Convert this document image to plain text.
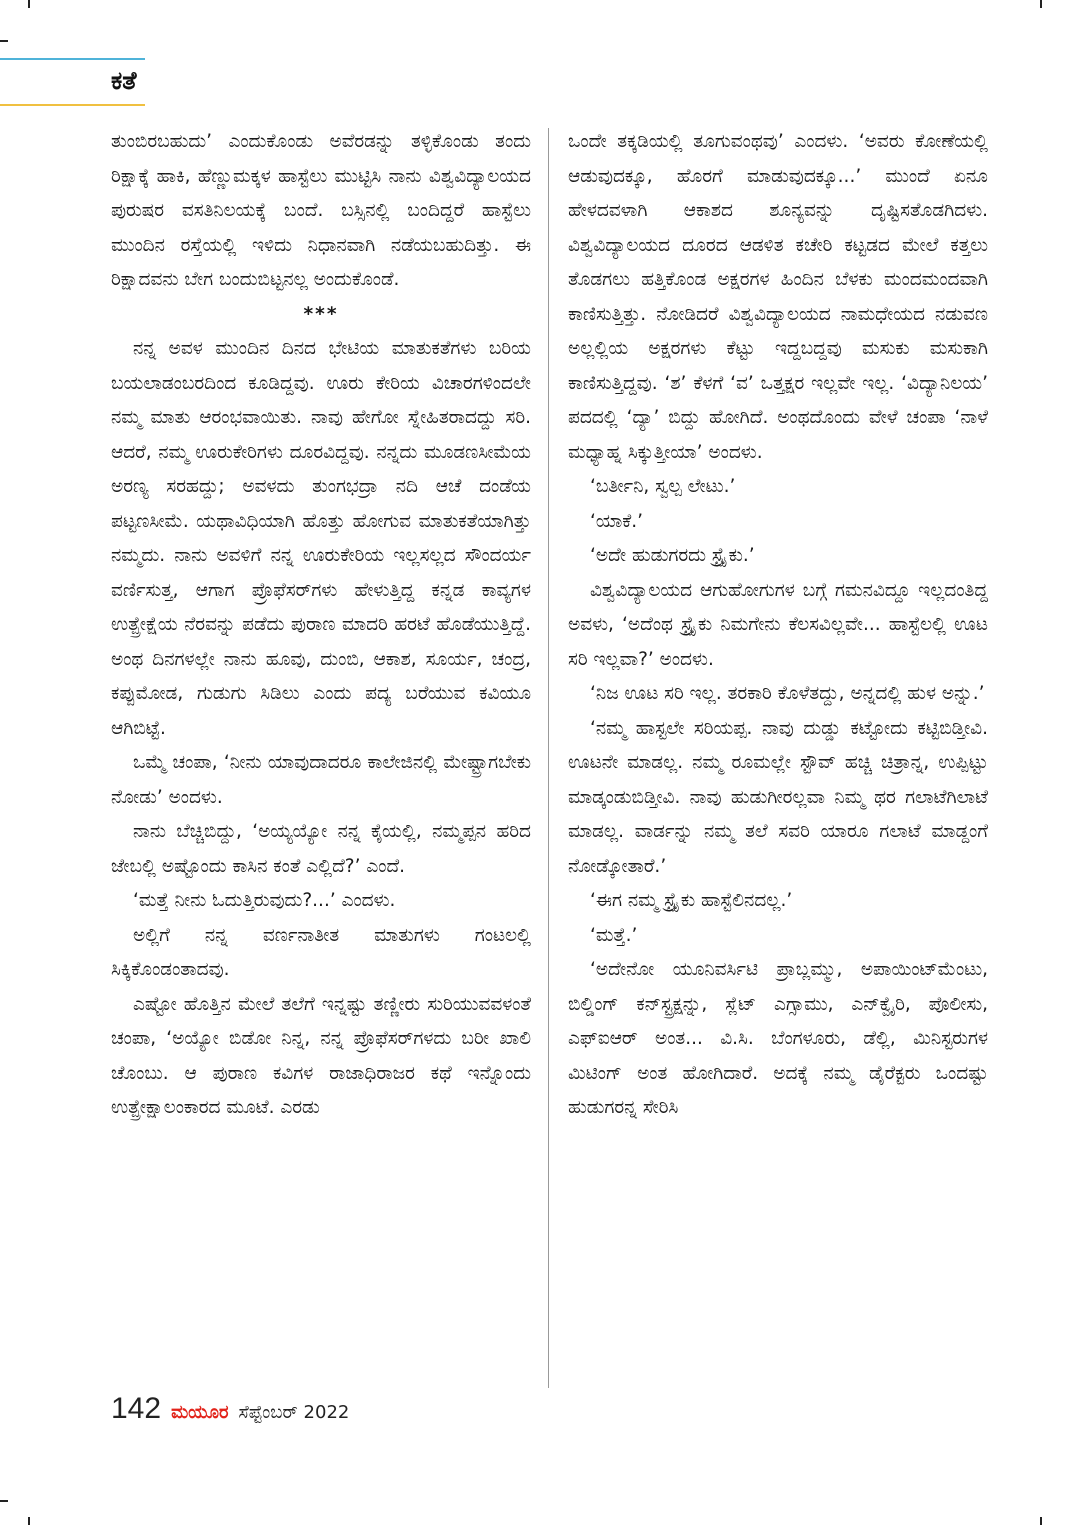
ಕತೆ

ತುಂಬಿರಬಹುದು’ ಎಂದುಕೊಂಡು ಅವೆರಡನ್ನು ತಳ್ಳಿಕೊಂಡು ತಂದು ರಿಕ್ಷಾಕ್ಕೆ ಹಾಕಿ, ಹೆಣ್ಣುಮಕ್ಕಳ ಹಾಸ್ಟೆಲು ಮುಟ್ಟಿಸಿ ನಾನು ವಿಶ್ವವಿದ್ಯಾಲಯದ ಪುರುಷರ ವಸತಿನಿಲಯಕ್ಕೆ ಬಂದೆ. ಬಸ್ಸಿನಲ್ಲಿ ಬಂದಿದ್ದರೆ ಹಾಸ್ಟೆಲು ಮುಂದಿನ ರಸ್ತೆಯಲ್ಲಿ ಇಳಿದು ನಿಧಾನವಾಗಿ ನಡೆಯಬಹುದಿತ್ತು. ಈ ರಿಕ್ಷಾದವನು ಬೇಗ ಬಂದುಬಿಟ್ಟನಲ್ಲ ಅಂದುಕೊಂಡೆ.

***

ನನ್ನ ಅವಳ ಮುಂದಿನ ದಿನದ ಭೇಟಿಯ ಮಾತುಕತೆಗಳು ಬರಿಯ ಬಯಲಾಡಂಬರದಿಂದ ಕೂಡಿದ್ದವು. ಊರು ಕೇರಿಯ ವಿಚಾರಗಳಿಂದಲೇ ನಮ್ಮ ಮಾತು ಆರಂಭವಾಯಿತು. ನಾವು ಹೇಗೋ ಸ್ನೇಹಿತರಾದದ್ದು ಸರಿ. ಆದರೆ, ನಮ್ಮ ಊರುಕೇರಿಗಳು ದೂರವಿದ್ದವು. ನನ್ನದು ಮೂಡಣಸೀಮೆಯ ಅರಣ್ಯ ಸರಹದ್ದು; ಅವಳದು ತುಂಗಭದ್ರಾ ನದಿ ಆಚೆ ದಂಡೆಯ ಪಟ್ಟಣಸೀಮೆ. ಯಥಾವಿಧಿಯಾಗಿ ಹೊತ್ತು ಹೋಗುವ ಮಾತುಕತೆಯಾಗಿತ್ತು ನಮ್ಮದು. ನಾನು ಅವಳಿಗೆ ನನ್ನ ಊರುಕೇರಿಯ ಇಲ್ಲಸಲ್ಲದ ಸೌಂದರ್ಯ ವರ್ಣಿಸುತ್ತ, ಆಗಾಗ ಪ್ರೊಫೆಸರ್‌ಗಳು ಹೇಳುತ್ತಿದ್ದ ಕನ್ನಡ ಕಾವ್ಯಗಳ ಉತ್ಪ್ರೇಕ್ಷೆಯ ನೆರವನ್ನು ಪಡೆದು ಪುರಾಣ ಮಾದರಿ ಹರಟೆ ಹೊಡೆಯುತ್ತಿದ್ದೆ. ಅಂಥ ದಿನಗಳಲ್ಲೇ ನಾನು ಹೂವು, ದುಂಬಿ, ಆಕಾಶ, ಸೂರ್ಯ, ಚಂದ್ರ, ಕಪ್ಪುಮೋಡ, ಗುಡುಗು ಸಿಡಿಲು ಎಂದು ಪದ್ಯ ಬರೆಯುವ ಕವಿಯೂ ಆಗಿಬಿಟ್ಟೆ.

ಒಮ್ಮೆ ಚಂಪಾ, ‘ನೀನು ಯಾವುದಾದರೂ ಕಾಲೇಜಿನಲ್ಲಿ ಮೇಷ್ಟ್ರಾಗಬೇಕು ನೋಡು’ ಅಂದಳು.

ನಾನು ಬೆಚ್ಚಿಬಿದ್ದು, ‘ಅಯ್ಯಯ್ಯೋ ನನ್ನ ಕೈಯಲ್ಲಿ, ನಮ್ಮಪ್ಪನ ಹರಿದ ಜೇಬಲ್ಲಿ ಅಷ್ಟೊಂದು ಕಾಸಿನ ಕಂತೆ ಎಲ್ಲಿದೆ?’ ಎಂದೆ.

‘ಮತ್ತೆ ನೀನು ಓದುತ್ತಿರುವುದು?...’ ಎಂದಳು.

ಅಲ್ಲಿಗೆ ನನ್ನ ವರ್ಣನಾತೀತ ಮಾತುಗಳು ಗಂಟಲಲ್ಲಿ ಸಿಕ್ಕಿಕೊಂಡಂತಾದವು.

ಎಷ್ಟೋ ಹೊತ್ತಿನ ಮೇಲೆ ತಲೆಗೆ ಇನ್ನಷ್ಟು ತಣ್ಣೀರು ಸುರಿಯುವವಳಂತೆ ಚಂಪಾ, ‘ಅಯ್ಯೋ ಬಿಡೋ ನಿನ್ನ, ನನ್ನ ಪ್ರೊಫೆಸರ್‌ಗಳದು ಬರೀ ಖಾಲಿ ಚೊಂಬು. ಆ ಪುರಾಣ ಕವಿಗಳ ರಾಜಾಧಿರಾಜರ ಕಥೆ ಇನ್ನೊಂದು ಉತ್ಪ್ರೇಕ್ಷಾಲಂಕಾರದ ಮೂಟೆ. ಎರಡು

ಒಂದೇ ತಕ್ಕಡಿಯಲ್ಲಿ ತೂಗುವಂಥವು’ ಎಂದಳು. ‘ಅವರು ಕೋಣೆಯಲ್ಲಿ ಆಡುವುದಕ್ಕೂ, ಹೊರಗೆ ಮಾಡುವುದಕ್ಕೂ...’ ಮುಂದೆ ಏನೂ ಹೇಳದವಳಾಗಿ ಆಕಾಶದ ಶೂನ್ಯವನ್ನು ದೃಷ್ಟಿಸತೊಡಗಿದಳು. ವಿಶ್ವವಿದ್ಯಾಲಯದ ದೂರದ ಆಡಳಿತ ಕಚೇರಿ ಕಟ್ಟಡದ ಮೇಲೆ ಕತ್ತಲು ತೊಡಗಲು ಹತ್ತಿಕೊಂಡ ಅಕ್ಷರಗಳ ಹಿಂದಿನ ಬೆಳಕು ಮಂದಮಂದವಾಗಿ ಕಾಣಿಸುತ್ತಿತ್ತು. ನೋಡಿದರೆ ವಿಶ್ವವಿದ್ಯಾಲಯದ ನಾಮಧೇಯದ ನಡುವಣ ಅಲ್ಲಲ್ಲಿಯ ಅಕ್ಷರಗಳು ಕೆಟ್ಟು ಇದ್ದಬದ್ದವು ಮಸುಕು ಮಸುಕಾಗಿ ಕಾಣಿಸುತ್ತಿದ್ದವು. ‘ಶ’ ಕೆಳಗೆ ‘ವ’ ಒತ್ತಕ್ಷರ ಇಲ್ಲವೇ ಇಲ್ಲ. ‘ವಿದ್ಯಾನಿಲಯ’ ಪದದಲ್ಲಿ ‘ದ್ಯಾ’ ಬಿದ್ದು ಹೋಗಿದೆ. ಅಂಥದೊಂದು ವೇಳೆ ಚಂಪಾ ‘ನಾಳೆ ಮಧ್ಯಾಹ್ನ ಸಿಕ್ಕುತ್ತೀಯಾ’ ಅಂದಳು.

‘ಬರ್ತೀನಿ, ಸ್ವಲ್ಪ ಲೇಟು.’

‘ಯಾಕೆ.’

‘ಅದೇ ಹುಡುಗರದು ಸ್ಟ್ರೈಕು.’

ವಿಶ್ವವಿದ್ಯಾಲಯದ ಆಗುಹೋಗುಗಳ ಬಗ್ಗೆ ಗಮನವಿದ್ದೂ ಇಲ್ಲದಂತಿದ್ದ ಅವಳು, ‘ಅದೆಂಥ ಸ್ಟ್ರೈಕು ನಿಮಗೇನು ಕೆಲಸವಿಲ್ಲವೇ... ಹಾಸ್ಟೆಲಲ್ಲಿ ಊಟ ಸರಿ ಇಲ್ಲವಾ?’ ಅಂದಳು.

‘ನಿಜ ಊಟ ಸರಿ ಇಲ್ಲ. ತರಕಾರಿ ಕೊಳೆತದ್ದು, ಅನ್ನದಲ್ಲಿ ಹುಳ ಅನ್ನು.’

‘ನಮ್ಮ ಹಾಸ್ಟಲೇ ಸರಿಯಪ್ಪ. ನಾವು ದುಡ್ಡು ಕಟ್ಟೋದು ಕಟ್ಟಿಬಿಡ್ತೀವಿ. ಊಟನೇ ಮಾಡಲ್ಲ. ನಮ್ಮ ರೂಮಲ್ಲೇ ಸ್ಟೌವ್ ಹಚ್ಚಿ ಚಿತ್ರಾನ್ನ, ಉಪ್ಪಿಟ್ಟು ಮಾಡ್ಕಂಡುಬಿಡ್ತೀವಿ. ನಾವು ಹುಡುಗೀರಲ್ಲವಾ ನಿಮ್ಮ ಥರ ಗಲಾಟೆಗಿಲಾಟೆ ಮಾಡಲ್ಲ. ವಾರ್ಡನ್ನು ನಮ್ಮ ತಲೆ ಸವರಿ ಯಾರೂ ಗಲಾಟೆ ಮಾಡ್ದಂಗೆ ನೋಡ್ಕೋತಾರೆ.’

‘ಈಗ ನಮ್ಮ ಸ್ಟ್ರೈಕು ಹಾಸ್ಟೆಲಿನದಲ್ಲ.’

‘ಮತ್ತೆ.’

‘ಅದೇನೋ ಯೂನಿವರ್ಸಿಟಿ ಪ್ರಾಬ್ಲಮ್ಮು, ಅಪಾಯಿಂಟ್‌ಮೆಂಟು, ಬಿಲ್ಡಿಂಗ್ ಕನ್‌ಸ್ಟ್ರಕ್ಷನ್ನು, ಸ್ಲೆಟ್ ಎಗ್ಸಾಮು, ಎನ್‌ಕ್ವೈರಿ, ಪೊಲೀಸು, ಎಫ್‌ಐಆರ್ ಅಂತ... ವಿ.ಸಿ. ಬೆಂಗಳೂರು, ಡೆಲ್ಲಿ, ಮಿನಿಸ್ಟರುಗಳ ಮಿಟಿಂಗ್ ಅಂತ ಹೋಗಿದಾರೆ. ಅದಕ್ಕೆ ನಮ್ಮ ಡೈರೆಕ್ಟರು ಒಂದಷ್ಟು ಹುಡುಗರನ್ನ ಸೇರಿಸಿ

142 ಮಯೂರ ಸೆಪ್ಟೆಂಬರ್ 2022
